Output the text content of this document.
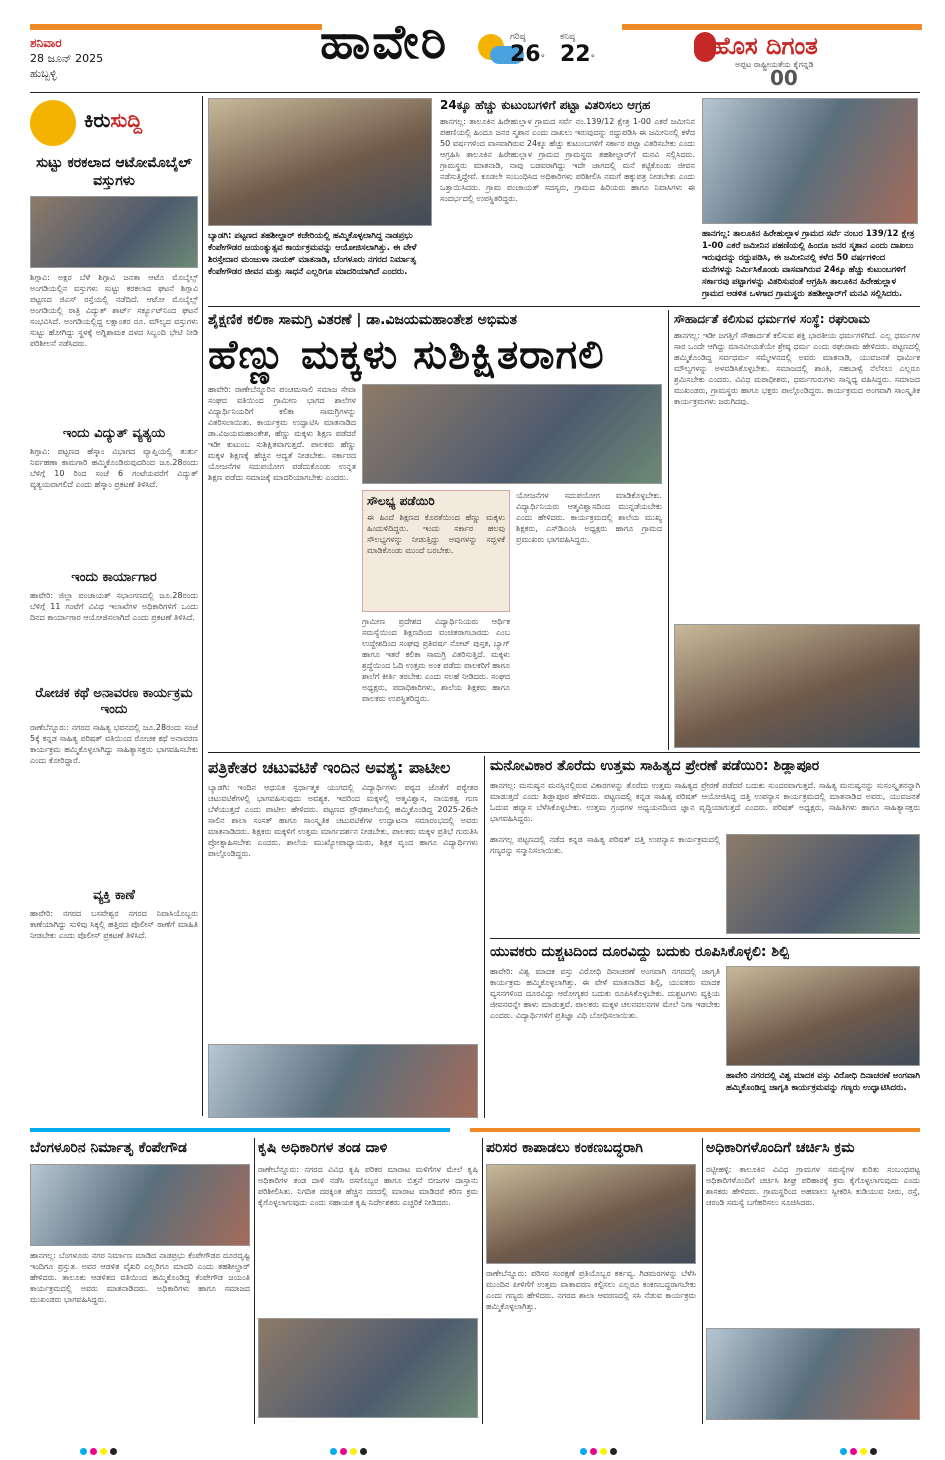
ಶನಿವಾರ
28 ಜೂನ್ 2025
ಹುಬ್ಬಳ್ಳಿ
ಹಾವೇರಿ	ಗರಿಷ್ಠ
26°
ಕನಿಷ್ಠ
22°	ಹೊಸ ದಿಗಂತ
ಅಪ್ಪಟ ರಾಷ್ಟ್ರೀಯತೆಯ ಕೈಗನ್ನಡಿ
00
ಕಿರುಸುದ್ದಿ
ಸುಟ್ಟು ಕರಕಲಾದ ಆಟೋಮೊಬೈಲ್ ವಸ್ತುಗಳು
ಶಿಗ್ಗಾವಿ: ಅಕ್ಷರ ಬೆಳೆ ಶಿಗ್ಗಾವಿ ಜನತಾ ಆಟೊ ಮೊಬೈಲ್ಸ್ ಅಂಗಡಿಯಲ್ಲಿನ ವಸ್ತುಗಳು ಸುಟ್ಟು ಕರಕಲಾದ ಘಟನೆ ಶಿಗ್ಗಾವಿ ಪಟ್ಟಣದ ಜಿಎಸ್ ರಸ್ತೆಯಲ್ಲಿ ನಡೆದಿದೆ. ಆಟೋ ಮೊಬೈಲ್ಸ್ ಅಂಗಡಿಯಲ್ಲಿ ರಾತ್ರಿ ವಿದ್ಯುತ್ ಶಾರ್ಟ್ ಸರ್ಕ್ಯೂಟ್‌ನಿಂದ ಘಟನೆ ಸಂಭವಿಸಿದೆ. ಅಂಗಡಿಯಲ್ಲಿದ್ದ ಲಕ್ಷಾಂತರ ರೂ. ಮೌಲ್ಯದ ವಸ್ತುಗಳು ಸುಟ್ಟು ಹೋಗಿದ್ದು ಸ್ಥಳಕ್ಕೆ ಅಗ್ನಿಶಾಮಕ ದಳದ ಸಿಬ್ಬಂದಿ ಭೇಟಿ ನೀಡಿ ಪರಿಶೀಲನೆ ನಡೆಸಿದರು.
ಇಂದು ವಿದ್ಯುತ್ ವ್ಯತ್ಯಯ
ಶಿಗ್ಗಾವಿ: ಪಟ್ಟಣದ ಹೆಸ್ಕಾಂ ವಿಭಾಗದ ವ್ಯಾಪ್ತಿಯಲ್ಲಿ ತುರ್ತು ನಿರ್ವಹಣಾ ಕಾಮಗಾರಿ ಹಮ್ಮಿಕೊಂಡಿರುವುದರಿಂದ ಜೂ.28ರಂದು ಬೆಳಿಗ್ಗೆ 10 ರಿಂದ ಸಂಜೆ 6 ಗಂಟೆಯವರೆಗೆ ವಿದ್ಯುತ್ ವ್ಯತ್ಯಯವಾಗಲಿದೆ ಎಂದು ಹೆಸ್ಕಾಂ ಪ್ರಕಟಣೆ ತಿಳಿಸಿದೆ.
ಇಂದು ಕಾರ್ಯಾಗಾರ
ಹಾವೇರಿ: ಜಿಲ್ಲಾ ಪಂಚಾಯತ್ ಸಭಾಂಗಣದಲ್ಲಿ ಜೂ.28ರಂದು ಬೆಳಿಗ್ಗೆ 11 ಗಂಟೆಗೆ ವಿವಿಧ ಇಲಾಖೆಗಳ ಅಧಿಕಾರಿಗಳಿಗೆ ಒಂದು ದಿನದ ಕಾರ್ಯಾಗಾರ ಆಯೋಜಿಸಲಾಗಿದೆ ಎಂದು ಪ್ರಕಟಣೆ ತಿಳಿಸಿದೆ.
ರೋಚಕ ಕಥೆ ಅನಾವರಣ ಕಾರ್ಯಕ್ರಮ ಇಂದು
ರಾಣೆಬೆನ್ನೂರು: ನಗರದ ಸಾಹಿತ್ಯ ಭವನದಲ್ಲಿ ಜೂ.28ರಂದು ಸಂಜೆ 5ಕ್ಕೆ ಕನ್ನಡ ಸಾಹಿತ್ಯ ಪರಿಷತ್ ವತಿಯಿಂದ ರೋಚಕ ಕಥೆ ಅನಾವರಣ ಕಾರ್ಯಕ್ರಮ ಹಮ್ಮಿಕೊಳ್ಳಲಾಗಿದ್ದು ಸಾಹಿತ್ಯಾಸಕ್ತರು ಭಾಗವಹಿಸಬೇಕು ಎಂದು ಕೋರಿದ್ದಾರೆ.
ವ್ಯಕ್ತಿ ಕಾಣೆ
ಹಾವೇರಿ: ನಗರದ ಬಸವೇಶ್ವರ ನಗರದ ನಿವಾಸಿಯೊಬ್ಬರು ಕಾಣೆಯಾಗಿದ್ದು ಸುಳಿವು ಸಿಕ್ಕಲ್ಲಿ ಹತ್ತಿರದ ಪೊಲೀಸ್ ಠಾಣೆಗೆ ಮಾಹಿತಿ ನೀಡಬೇಕು ಎಂದು ಪೊಲೀಸ್ ಪ್ರಕಟಣೆ ತಿಳಿಸಿದೆ.
ಬ್ಯಾಡಗಿ: ಪಟ್ಟಣದ ತಹಶೀಲ್ದಾರ್ ಕಚೇರಿಯಲ್ಲಿ ಹಮ್ಮಿಕೊಳ್ಳಲಾಗಿದ್ದ ನಾಡಪ್ರಭು ಕೆಂಪೇಗೌಡರ ಜಯಂತ್ಯುತ್ಸವ ಕಾರ್ಯಕ್ರಮವನ್ನು ಆಯೋಜಿಸಲಾಗಿತ್ತು. ಈ ವೇಳೆ ಶಿರಸ್ತೇದಾರ ಮಂಜುಳಾ ನಾಯಕ್ ಮಾತನಾಡಿ, ಬೆಂಗಳೂರು ನಗರದ ನಿರ್ಮಾತೃ ಕೆಂಪೇಗೌಡರ ಜೀವನ ಮತ್ತು ಸಾಧನೆ ಎಲ್ಲರಿಗೂ ಮಾದರಿಯಾಗಿದೆ ಎಂದರು.
24ಕ್ಕೂ ಹೆಚ್ಚು ಕುಟುಂಬಗಳಿಗೆ ಪಟ್ಟಾ ವಿತರಿಸಲು ಆಗ್ರಹ
ಹಾನಗಲ್ಲ: ತಾಲೂಕಿನ ಹಿರೇಹುಲ್ಲಾಳ ಗ್ರಾಮದ ಸರ್ವೆ ನಂ.139/12 ಕ್ಷೇತ್ರ 1-00 ಎಕರೆ ಜಮೀನಿನ ಪಹಣಿಯಲ್ಲಿ ಹಿಂದೂ ಜನರ ಸ್ಮಶಾನ ಎಂದು ದಾಖಲು ಇರುವುದನ್ನು ರದ್ದುಪಡಿಸಿ ಈ ಜಮೀನಿನಲ್ಲಿ ಕಳೆದ 50 ವರ್ಷಗಳಿಂದ ವಾಸವಾಗಿರುವ 24ಕ್ಕೂ ಹೆಚ್ಚು ಕುಟುಂಬಗಳಿಗೆ ಸರ್ಕಾರ ಪಟ್ಟಾ ವಿತರಿಸಬೇಕು ಎಂದು ಆಗ್ರಹಿಸಿ ತಾಲೂಕಿನ ಹಿರೇಹುಲ್ಲಾಳ ಗ್ರಾಮದ ಗ್ರಾಮಸ್ಥರು ತಹಶೀಲ್ದಾರ್‌ಗೆ ಮನವಿ ಸಲ್ಲಿಸಿದರು. ಗ್ರಾಮಸ್ಥರು ಮಾತನಾಡಿ, ನಾವು ಬಡವರಾಗಿದ್ದು ಇದೇ ಜಾಗದಲ್ಲಿ ಮನೆ ಕಟ್ಟಿಕೊಂಡು ಜೀವನ ನಡೆಸುತ್ತಿದ್ದೇವೆ. ಕೂಡಲೇ ಸಂಬಂಧಿಸಿದ ಅಧಿಕಾರಿಗಳು ಪರಿಶೀಲಿಸಿ ನಮಗೆ ಹಕ್ಕುಪತ್ರ ನೀಡಬೇಕು ಎಂದು ಒತ್ತಾಯಿಸಿದರು. ಗ್ರಾಮ ಪಂಚಾಯತ್ ಸದಸ್ಯರು, ಗ್ರಾಮದ ಹಿರಿಯರು ಹಾಗೂ ನಿವಾಸಿಗಳು ಈ ಸಂದರ್ಭದಲ್ಲಿ ಉಪಸ್ಥಿತರಿದ್ದರು.
ಹಾನಗಲ್ಲ: ತಾಲೂಕಿನ ಹಿರೇಹುಲ್ಲಾಳ ಗ್ರಾಮದ ಸರ್ವೆ ನಂಬರ 139/12 ಕ್ಷೇತ್ರ 1-00 ಎಕರೆ ಜಮೀನಿನ ಪಹಣಿಯಲ್ಲಿ ಹಿಂದೂ ಜನರ ಸ್ಮಶಾನ ಎಂದು ದಾಖಲು ಇರುವುದನ್ನು ರದ್ದುಪಡಿಸಿ, ಈ ಜಮೀನಿನಲ್ಲಿ ಕಳೆದ 50 ವರ್ಷಗಳಿಂದ ಮನೆಗಳನ್ನು ನಿರ್ಮಿಸಿಕೊಂಡು ವಾಸವಾಗಿರುವ 24ಕ್ಕೂ ಹೆಚ್ಚು ಕುಟುಂಬಗಳಿಗೆ ಸರ್ಕಾರವು ಪಟ್ಟಾಗಳನ್ನು ವಿತರಿಸುವಂತೆ ಆಗ್ರಹಿಸಿ ತಾಲೂಕಿನ ಹಿರೇಹುಲ್ಲಾಳ ಗ್ರಾಮದ ಆಡಳಿತ ಒಳಗಾದ ಗ್ರಾಮಸ್ಥರು ತಹಶೀಲ್ದಾರ್‌ಗೆ ಮನವಿ ಸಲ್ಲಿಸಿದರು.
ಶೈಕ್ಷಣಿಕ ಕಲಿಕಾ ಸಾಮಗ್ರಿ ವಿತರಣೆ | ಡಾ.ವಿಜಯಮಹಾಂತೇಶ ಅಭಿಮತ
ಹೆಣ್ಣು ಮಕ್ಕಳು ಸುಶಿಕ್ಷಿತರಾಗಲಿ
ಹಾವೇರಿ: ರಾಣೇಬೆನ್ನೂರಿನ ಪಂಚಮಸಾಲಿ ಸಮಾಜ ಸೇವಾ ಸಂಘದ ವತಿಯಿಂದ ಗ್ರಾಮೀಣ ಭಾಗದ ಶಾಲೆಗಳ ವಿದ್ಯಾರ್ಥಿನಿಯರಿಗೆ ಕಲಿಕಾ ಸಾಮಗ್ರಿಗಳನ್ನು ವಿತರಿಸಲಾಯಿತು. ಕಾರ್ಯಕ್ರಮ ಉದ್ಘಾಟಿಸಿ ಮಾತನಾಡಿದ ಡಾ.ವಿಜಯಮಹಾಂತೇಶ, ಹೆಣ್ಣು ಮಕ್ಕಳು ಶಿಕ್ಷಣ ಪಡೆದರೆ ಇಡೀ ಕುಟುಂಬ ಸುಶಿಕ್ಷಿತವಾಗುತ್ತದೆ. ಪಾಲಕರು ಹೆಣ್ಣು ಮಕ್ಕಳ ಶಿಕ್ಷಣಕ್ಕೆ ಹೆಚ್ಚಿನ ಆದ್ಯತೆ ನೀಡಬೇಕು. ಸರ್ಕಾರದ ಯೋಜನೆಗಳ ಸದುಪಯೋಗ ಪಡೆದುಕೊಂಡು ಉನ್ನತ ಶಿಕ್ಷಣ ಪಡೆದು ಸಮಾಜಕ್ಕೆ ಮಾದರಿಯಾಗಬೇಕು ಎಂದರು.
ಸೌಲಭ್ಯ ಪಡೆಯಿರಿ
ಈ ಹಿಂದೆ ಶಿಕ್ಷಣದ ಕೊರತೆಯಿಂದ ಹೆಣ್ಣು ಮಕ್ಕಳು ಹಿಂದುಳಿದಿದ್ದರು. ಇಂದು ಸರ್ಕಾರ ಹಲವು ಸೌಲಭ್ಯಗಳನ್ನು ನೀಡುತ್ತಿದ್ದು ಅವುಗಳನ್ನು ಸದ್ಬಳಕೆ ಮಾಡಿಕೊಂಡು ಮುಂದೆ ಬರಬೇಕು.
ಗ್ರಾಮೀಣ ಪ್ರದೇಶದ ವಿದ್ಯಾರ್ಥಿನಿಯರು ಆರ್ಥಿಕ ಸಮಸ್ಯೆಯಿಂದ ಶಿಕ್ಷಣದಿಂದ ವಂಚಿತರಾಗಬಾರದು ಎಂಬ ಉದ್ದೇಶದಿಂದ ಸಂಘವು ಪ್ರತಿವರ್ಷ ನೋಟ್ ಪುಸ್ತಕ, ಬ್ಯಾಗ್ ಹಾಗೂ ಇತರೆ ಕಲಿಕಾ ಸಾಮಗ್ರಿ ವಿತರಿಸುತ್ತಿದೆ. ಮಕ್ಕಳು ಶ್ರದ್ಧೆಯಿಂದ ಓದಿ ಉತ್ತಮ ಅಂಕ ಪಡೆದು ಪಾಲಕರಿಗೆ ಹಾಗೂ ಶಾಲೆಗೆ ಕೀರ್ತಿ ತರಬೇಕು ಎಂದು ಸಲಹೆ ನೀಡಿದರು. ಸಂಘದ ಅಧ್ಯಕ್ಷರು, ಪದಾಧಿಕಾರಿಗಳು, ಶಾಲೆಯ ಶಿಕ್ಷಕರು ಹಾಗೂ ಪಾಲಕರು ಉಪಸ್ಥಿತರಿದ್ದರು.
ಯೋಜನೆಗಳ ಸದುಪಯೋಗ ಮಾಡಿಕೊಳ್ಳಬೇಕು. ವಿದ್ಯಾರ್ಥಿನಿಯರು ಆತ್ಮವಿಶ್ವಾಸದಿಂದ ಮುನ್ನಡೆಯಬೇಕು ಎಂದು ಹೇಳಿದರು. ಕಾರ್ಯಕ್ರಮದಲ್ಲಿ ಶಾಲೆಯ ಮುಖ್ಯ ಶಿಕ್ಷಕರು, ಎಸ್‌ಡಿಎಂಸಿ ಅಧ್ಯಕ್ಷರು ಹಾಗೂ ಗ್ರಾಮದ ಪ್ರಮುಖರು ಭಾಗವಹಿಸಿದ್ದರು.
ಸೌಹಾರ್ದತೆ ಕಲಿಸುವ ಧರ್ಮಗಳ ಸಂಸ್ಥೆ: ರಘುರಾಮ
ಹಾನಗಲ್ಲ: ಇಡೀ ಜಗತ್ತಿಗೆ ಸೌಹಾರ್ದತೆ ಕಲಿಸುವ ಶಕ್ತಿ ಭಾರತೀಯ ಧರ್ಮಗಳಿಗಿದೆ. ಎಲ್ಲ ಧರ್ಮಗಳ ಸಾರ ಒಂದೇ ಆಗಿದ್ದು ಮಾನವೀಯತೆಯೇ ಶ್ರೇಷ್ಠ ಧರ್ಮ ಎಂದು ರಘುರಾಮ ಹೇಳಿದರು. ಪಟ್ಟಣದಲ್ಲಿ ಹಮ್ಮಿಕೊಂಡಿದ್ದ ಸರ್ವಧರ್ಮ ಸಮ್ಮೇಳನದಲ್ಲಿ ಅವರು ಮಾತನಾಡಿ, ಯುವಜನತೆ ಧಾರ್ಮಿಕ ಮೌಲ್ಯಗಳನ್ನು ಅಳವಡಿಸಿಕೊಳ್ಳಬೇಕು. ಸಮಾಜದಲ್ಲಿ ಶಾಂತಿ, ಸಹಬಾಳ್ವೆ ನೆಲೆಸಲು ಎಲ್ಲರೂ ಶ್ರಮಿಸಬೇಕು ಎಂದರು. ವಿವಿಧ ಮಠಾಧೀಶರು, ಧರ್ಮಗುರುಗಳು ಸಾನ್ನಿಧ್ಯ ವಹಿಸಿದ್ದರು. ಸಮಾಜದ ಮುಖಂಡರು, ಗ್ರಾಮಸ್ಥರು ಹಾಗೂ ಭಕ್ತರು ಪಾಲ್ಗೊಂಡಿದ್ದರು. ಕಾರ್ಯಕ್ರಮದ ಅಂಗವಾಗಿ ಸಾಂಸ್ಕೃತಿಕ ಕಾರ್ಯಕ್ರಮಗಳು ಜರುಗಿದವು.
ಪತ್ರಿಕೇತರ ಚಟುವಟಿಕೆ ಇಂದಿನ ಅವಶ್ಯ: ಪಾಟೀಲ
ಬ್ಯಾಡಗಿ: ಇಂದಿನ ಆಧುನಿಕ ಸ್ಪರ್ಧಾತ್ಮಕ ಯುಗದಲ್ಲಿ ವಿದ್ಯಾರ್ಥಿಗಳು ಪಠ್ಯದ ಜೊತೆಗೆ ಪಠ್ಯೇತರ ಚಟುವಟಿಕೆಗಳಲ್ಲಿ ಭಾಗವಹಿಸುವುದು ಅವಶ್ಯಕ. ಇದರಿಂದ ಮಕ್ಕಳಲ್ಲಿ ಆತ್ಮವಿಶ್ವಾಸ, ನಾಯಕತ್ವ ಗುಣ ಬೆಳೆಯುತ್ತದೆ ಎಂದು ಪಾಟೀಲ ಹೇಳಿದರು. ಪಟ್ಟಣದ ಪ್ರೌಢಶಾಲೆಯಲ್ಲಿ ಹಮ್ಮಿಕೊಂಡಿದ್ದ 2025-26ನೇ ಸಾಲಿನ ಶಾಲಾ ಸಂಸತ್ ಹಾಗೂ ಸಾಂಸ್ಕೃತಿಕ ಚಟುವಟಿಕೆಗಳ ಉದ್ಘಾಟನಾ ಸಮಾರಂಭದಲ್ಲಿ ಅವರು ಮಾತನಾಡಿದರು. ಶಿಕ್ಷಕರು ಮಕ್ಕಳಿಗೆ ಉತ್ತಮ ಮಾರ್ಗದರ್ಶನ ನೀಡಬೇಕು, ಪಾಲಕರು ಮಕ್ಕಳ ಪ್ರತಿಭೆ ಗುರುತಿಸಿ ಪ್ರೋತ್ಸಾಹಿಸಬೇಕು ಎಂದರು. ಶಾಲೆಯ ಮುಖ್ಯೋಪಾಧ್ಯಾಯರು, ಶಿಕ್ಷಕ ವೃಂದ ಹಾಗೂ ವಿದ್ಯಾರ್ಥಿಗಳು ಪಾಲ್ಗೊಂಡಿದ್ದರು.
ಮನೋವಿಕಾರ ತೊರೆದು ಉತ್ತಮ ಸಾಹಿತ್ಯದ ಪ್ರೇರಣೆ ಪಡೆಯಿರಿ: ಶಿಡ್ಲಾಪೂರ
ಹಾನಗಲ್ಲ: ಮನುಷ್ಯನ ಮನಸ್ಸಿನಲ್ಲಿರುವ ವಿಕಾರಗಳನ್ನು ತೊರೆದು ಉತ್ತಮ ಸಾಹಿತ್ಯದ ಪ್ರೇರಣೆ ಪಡೆದರೆ ಬದುಕು ಸುಂದರವಾಗುತ್ತದೆ. ಸಾಹಿತ್ಯ ಮನುಷ್ಯನನ್ನು ಸುಸಂಸ್ಕೃತನನ್ನಾಗಿ ಮಾಡುತ್ತದೆ ಎಂದು ಶಿಡ್ಲಾಪೂರ ಹೇಳಿದರು. ಪಟ್ಟಣದಲ್ಲಿ ಕನ್ನಡ ಸಾಹಿತ್ಯ ಪರಿಷತ್ ಆಯೋಜಿಸಿದ್ದ ದತ್ತಿ ಉಪನ್ಯಾಸ ಕಾರ್ಯಕ್ರಮದಲ್ಲಿ ಮಾತನಾಡಿದ ಅವರು, ಯುವಜನತೆ ಓದುವ ಹವ್ಯಾಸ ಬೆಳೆಸಿಕೊಳ್ಳಬೇಕು. ಉತ್ತಮ ಗ್ರಂಥಗಳ ಅಧ್ಯಯನದಿಂದ ಜ್ಞಾನ ವೃದ್ಧಿಯಾಗುತ್ತದೆ ಎಂದರು. ಪರಿಷತ್ ಅಧ್ಯಕ್ಷರು, ಸಾಹಿತಿಗಳು ಹಾಗೂ ಸಾಹಿತ್ಯಾಸಕ್ತರು ಭಾಗವಹಿಸಿದ್ದರು.
ಹಾನಗಲ್ಲ ಪಟ್ಟಣದಲ್ಲಿ ನಡೆದ ಕನ್ನಡ ಸಾಹಿತ್ಯ ಪರಿಷತ್ ದತ್ತಿ ಉಪನ್ಯಾಸ ಕಾರ್ಯಕ್ರಮದಲ್ಲಿ ಗಣ್ಯರನ್ನು ಸನ್ಮಾನಿಸಲಾಯಿತು.
ಯುವಕರು ದುಶ್ಚಟದಿಂದ ದೂರವಿದ್ದು ಬದುಕು ರೂಪಿಸಿಕೊಳ್ಳಲಿ: ಶಿಲ್ಪಿ
ಹಾವೇರಿ: ವಿಶ್ವ ಮಾದಕ ವಸ್ತು ವಿರೋಧಿ ದಿನಾಚರಣೆ ಅಂಗವಾಗಿ ನಗರದಲ್ಲಿ ಜಾಗೃತಿ ಕಾರ್ಯಕ್ರಮ ಹಮ್ಮಿಕೊಳ್ಳಲಾಗಿತ್ತು. ಈ ವೇಳೆ ಮಾತನಾಡಿದ ಶಿಲ್ಪಿ, ಯುವಕರು ಮಾದಕ ವ್ಯಸನಗಳಿಂದ ದೂರವಿದ್ದು ಆರೋಗ್ಯಕರ ಬದುಕು ರೂಪಿಸಿಕೊಳ್ಳಬೇಕು. ದುಶ್ಚಟಗಳು ವ್ಯಕ್ತಿಯ ಜೀವನವನ್ನೇ ಹಾಳು ಮಾಡುತ್ತವೆ. ಪಾಲಕರು ಮಕ್ಕಳ ಚಲನವಲನಗಳ ಮೇಲೆ ನಿಗಾ ಇಡಬೇಕು ಎಂದರು. ವಿದ್ಯಾರ್ಥಿಗಳಿಗೆ ಪ್ರತಿಜ್ಞಾ ವಿಧಿ ಬೋಧಿಸಲಾಯಿತು.
ಹಾವೇರಿ ನಗರದಲ್ಲಿ ವಿಶ್ವ ಮಾದಕ ವಸ್ತು ವಿರೋಧಿ ದಿನಾಚರಣೆ ಅಂಗವಾಗಿ ಹಮ್ಮಿಕೊಂಡಿದ್ದ ಜಾಗೃತಿ ಕಾರ್ಯಕ್ರಮವನ್ನು ಗಣ್ಯರು ಉದ್ಘಾಟಿಸಿದರು.
ಬೆಂಗಳೂರಿನ ನಿರ್ಮಾತೃ ಕೆಂಪೇಗೌಡ
ಹಾನಗಲ್ಲ: ಬೆಂಗಳೂರು ನಗರ ನಿರ್ಮಾಣ ಮಾಡಿದ ನಾಡಪ್ರಭು ಕೆಂಪೇಗೌಡರ ದೂರದೃಷ್ಟಿ ಇಂದಿಗೂ ಪ್ರಸ್ತುತ. ಅವರ ಆಡಳಿತ ವೈಖರಿ ಎಲ್ಲರಿಗೂ ಮಾದರಿ ಎಂದು ತಹಶೀಲ್ದಾರ್ ಹೇಳಿದರು. ತಾಲೂಕು ಆಡಳಿತದ ವತಿಯಿಂದ ಹಮ್ಮಿಕೊಂಡಿದ್ದ ಕೆಂಪೇಗೌಡ ಜಯಂತಿ ಕಾರ್ಯಕ್ರಮದಲ್ಲಿ ಅವರು ಮಾತನಾಡಿದರು. ಅಧಿಕಾರಿಗಳು ಹಾಗೂ ಸಮಾಜದ ಮುಖಂಡರು ಭಾಗವಹಿಸಿದ್ದರು.
ಕೃಷಿ ಅಧಿಕಾರಿಗಳ ತಂಡ ದಾಳಿ
ರಾಣೇಬೆನ್ನೂರು: ನಗರದ ವಿವಿಧ ಕೃಷಿ ಪರಿಕರ ಮಾರಾಟ ಮಳಿಗೆಗಳ ಮೇಲೆ ಕೃಷಿ ಅಧಿಕಾರಿಗಳ ತಂಡ ದಾಳಿ ನಡೆಸಿ ರಸಗೊಬ್ಬರ ಹಾಗೂ ಬಿತ್ತನೆ ಬೀಜಗಳ ದಾಸ್ತಾನು ಪರಿಶೀಲಿಸಿತು. ನಿಗದಿತ ದರಕ್ಕಿಂತ ಹೆಚ್ಚಿನ ದರದಲ್ಲಿ ಮಾರಾಟ ಮಾಡಿದರೆ ಕಠಿಣ ಕ್ರಮ ಕೈಗೊಳ್ಳಲಾಗುವುದು ಎಂದು ಸಹಾಯಕ ಕೃಷಿ ನಿರ್ದೇಶಕರು ಎಚ್ಚರಿಕೆ ನೀಡಿದರು.
ಪರಿಸರ ಕಾಪಾಡಲು ಕಂಕಣಬದ್ಧರಾಗಿ
ರಾಣೇಬೆನ್ನೂರು: ಪರಿಸರ ಸಂರಕ್ಷಣೆ ಪ್ರತಿಯೊಬ್ಬರ ಕರ್ತವ್ಯ. ಗಿಡಮರಗಳನ್ನು ಬೆಳೆಸಿ ಮುಂದಿನ ಪೀಳಿಗೆಗೆ ಉತ್ತಮ ವಾತಾವರಣ ಕಲ್ಪಿಸಲು ಎಲ್ಲರೂ ಕಂಕಣಬದ್ಧರಾಗಬೇಕು ಎಂದು ಗಣ್ಯರು ಹೇಳಿದರು. ನಗರದ ಶಾಲಾ ಆವರಣದಲ್ಲಿ ಸಸಿ ನೆಡುವ ಕಾರ್ಯಕ್ರಮ ಹಮ್ಮಿಕೊಳ್ಳಲಾಗಿತ್ತು.
ಅಧಿಕಾರಿಗಳೊಂದಿಗೆ ಚರ್ಚಿಸಿ ಕ್ರಮ
ರಟ್ಟೀಹಳ್ಳಿ: ತಾಲೂಕಿನ ವಿವಿಧ ಗ್ರಾಮಗಳ ಸಮಸ್ಯೆಗಳ ಕುರಿತು ಸಂಬಂಧಪಟ್ಟ ಅಧಿಕಾರಿಗಳೊಂದಿಗೆ ಚರ್ಚಿಸಿ ಶೀಘ್ರ ಪರಿಹಾರಕ್ಕೆ ಕ್ರಮ ಕೈಗೊಳ್ಳಲಾಗುವುದು ಎಂದು ಶಾಸಕರು ಹೇಳಿದರು. ಗ್ರಾಮಸ್ಥರಿಂದ ಅಹವಾಲು ಸ್ವೀಕರಿಸಿ ಕುಡಿಯುವ ನೀರು, ರಸ್ತೆ, ಚರಂಡಿ ಸಮಸ್ಯೆ ಬಗೆಹರಿಸಲು ಸೂಚಿಸಿದರು.
